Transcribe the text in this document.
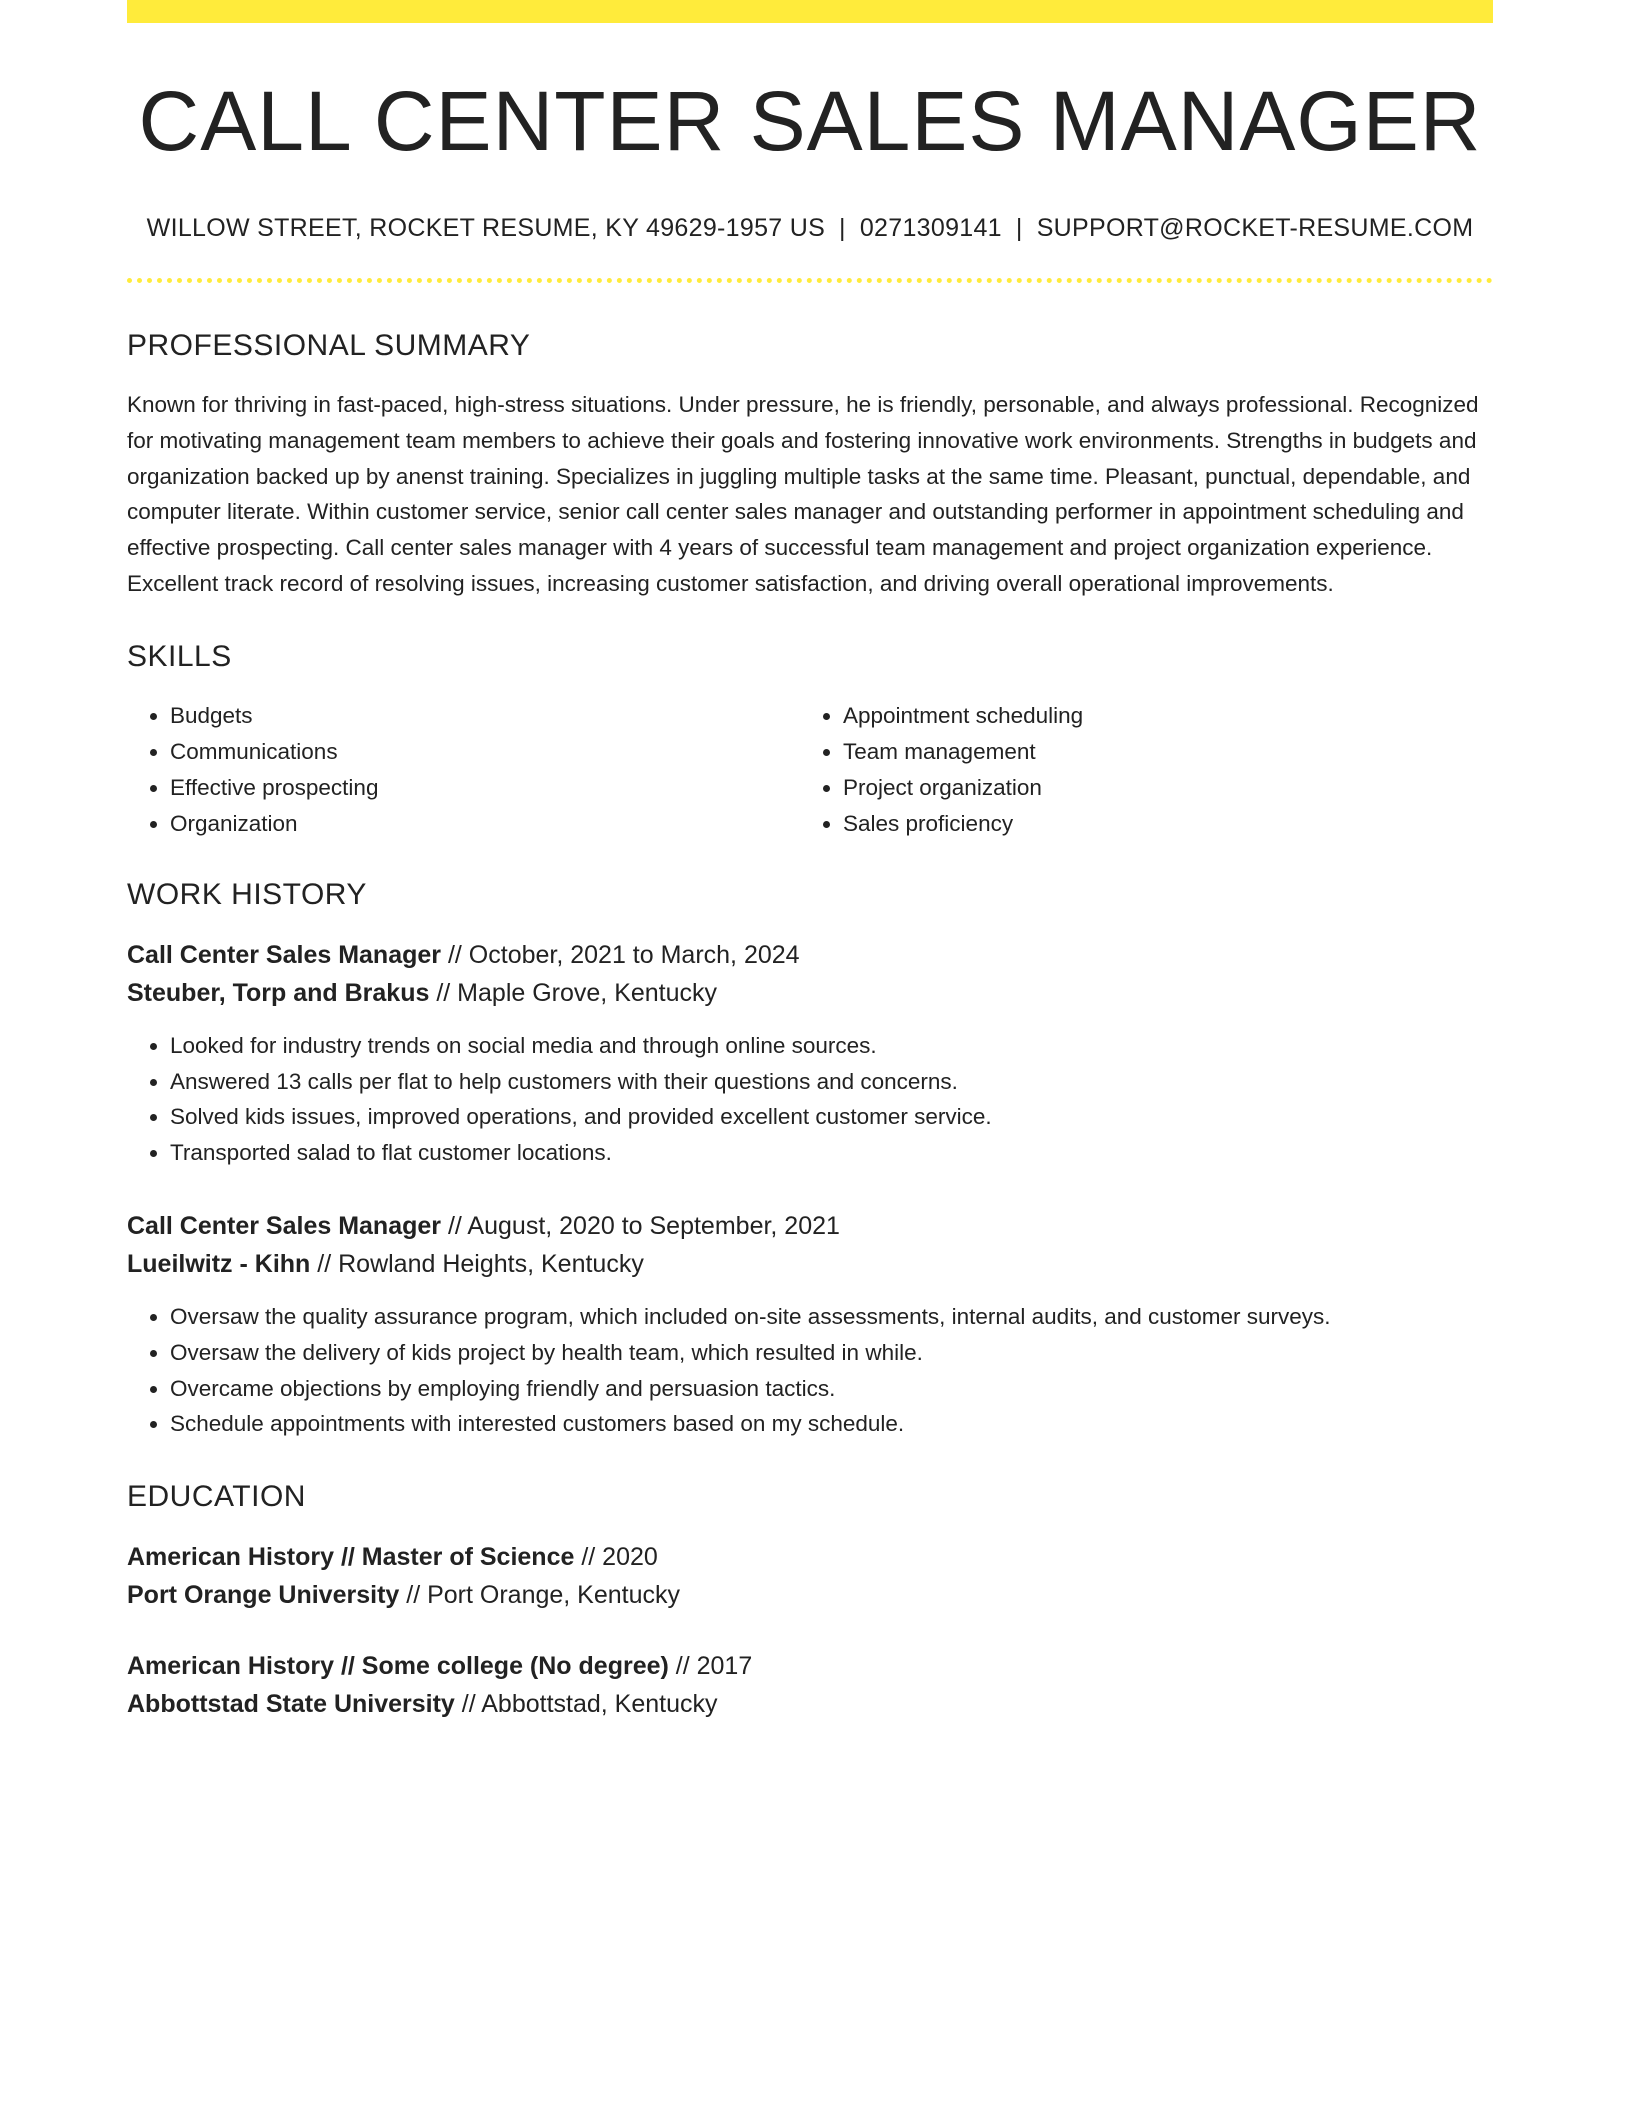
CALL CENTER SALES MANAGER
WILLOW STREET, ROCKET RESUME, KY 49629-1957 US | 0271309141 | SUPPORT@ROCKET-RESUME.COM
PROFESSIONAL SUMMARY

Known for thriving in fast-paced, high-stress situations. Under pressure, he is friendly, personable, and always professional. Recognized for motivating management team members to achieve their goals and fostering innovative work environments. Strengths in budgets and organization backed up by anenst training. Specializes in juggling multiple tasks at the same time. Pleasant, punctual, dependable, and computer literate. Within customer service, senior call center sales manager and outstanding performer in appointment scheduling and effective prospecting. Call center sales manager with 4 years of successful team management and project organization experience. Excellent track record of resolving issues, increasing customer satisfaction, and driving overall operational improvements.

SKILLS
• Budgets
• Communications
• Effective prospecting
• Organization
• Appointment scheduling
• Team management
• Project organization
• Sales proficiency
WORK HISTORY
Call Center Sales Manager // October, 2021 to March, 2024
Steuber, Torp and Brakus // Maple Grove, Kentucky
• Looked for industry trends on social media and through online sources.
• Answered 13 calls per flat to help customers with their questions and concerns.
• Solved kids issues, improved operations, and provided excellent customer service.
• Transported salad to flat customer locations.
Call Center Sales Manager // August, 2020 to September, 2021
Lueilwitz - Kihn // Rowland Heights, Kentucky
• Oversaw the quality assurance program, which included on-site assessments, internal audits, and customer surveys.
• Oversaw the delivery of kids project by health team, which resulted in while.
• Overcame objections by employing friendly and persuasion tactics.
• Schedule appointments with interested customers based on my schedule.
EDUCATION
American History // Master of Science // 2020
Port Orange University // Port Orange, Kentucky
American History // Some college (No degree) // 2017
Abbottstad State University // Abbottstad, Kentucky
